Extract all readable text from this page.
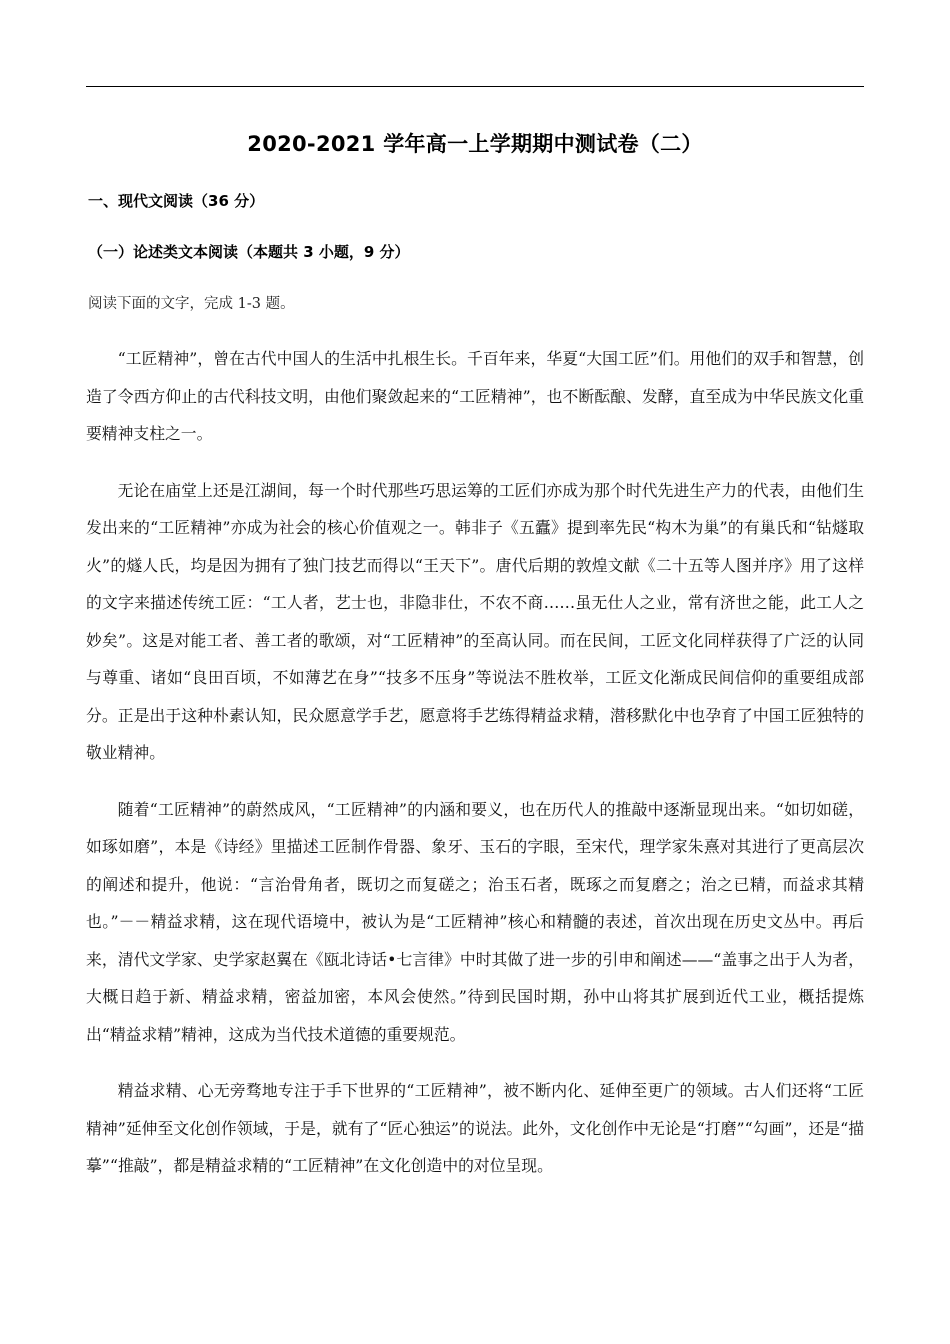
2020-2021 学年高一上学期期中测试卷（二）
一、现代文阅读（36 分）
（一）论述类文本阅读（本题共 3 小题，9 分）

阅读下面的文字，完成 1-3 题。

“工匠精神”，曾在古代中国人的生活中扎根生长。千百年来，华夏“大国工匠”们。用他们的双手和智慧，创造了令西方仰止的古代科技文明，由他们聚敛起来的“工匠精神”，也不断酝酿、发酵，直至成为中华民族文化重要精神支柱之一。

无论在庙堂上还是江湖间，每一个时代那些巧思运筹的工匠们亦成为那个时代先进生产力的代表，由他们生发出来的“工匠精神”亦成为社会的核心价值观之一。韩非子《五蠹》提到率先民“构木为巢”的有巢氏和“钻燧取火”的燧人氏，均是因为拥有了独门技艺而得以“王天下”。唐代后期的敦煌文献《二十五等人图并序》用了这样的文字来描述传统工匠：“工人者，艺士也，非隐非仕，不农不商……虽无仕人之业，常有济世之能，此工人之妙矣”。这是对能工者、善工者的歌颂，对“工匠精神”的至高认同。而在民间，工匠文化同样获得了广泛的认同与尊重、诸如“良田百顷，不如薄艺在身”“技多不压身”等说法不胜枚举，工匠文化渐成民间信仰的重要组成部分。正是出于这种朴素认知，民众愿意学手艺，愿意将手艺练得精益求精，潜移默化中也孕育了中国工匠独特的敬业精神。

随着“工匠精神”的蔚然成风，“工匠精神”的内涵和要义，也在历代人的推敲中逐渐显现出来。“如切如磋，如琢如磨”，本是《诗经》里描述工匠制作骨器、象牙、玉石的字眼，至宋代，理学家朱熹对其进行了更高层次的阐述和提升，他说：“言治骨角者，既切之而复磋之；治玉石者，既琢之而复磨之；治之已精，而益求其精也。”－－精益求精，这在现代语境中，被认为是“工匠精神”核心和精髓的表述，首次出现在历史文丛中。再后来，清代文学家、史学家赵翼在《瓯北诗话•七言律》中时其做了进一步的引申和阐述——“盖事之出于人为者，大概日趋于新、精益求精，密益加密，本风会使然。”待到民国时期，孙中山将其扩展到近代工业，概括提炼出“精益求精”精神，这成为当代技术道德的重要规范。

精益求精、心无旁骛地专注于手下世界的“工匠精神”，被不断内化、延伸至更广的领域。古人们还将“工匠精神”延伸至文化创作领域，于是，就有了“匠心独运”的说法。此外，文化创作中无论是“打磨”“勾画”，还是“描摹”“推敲”，都是精益求精的“工匠精神”在文化创造中的对位呈现。
